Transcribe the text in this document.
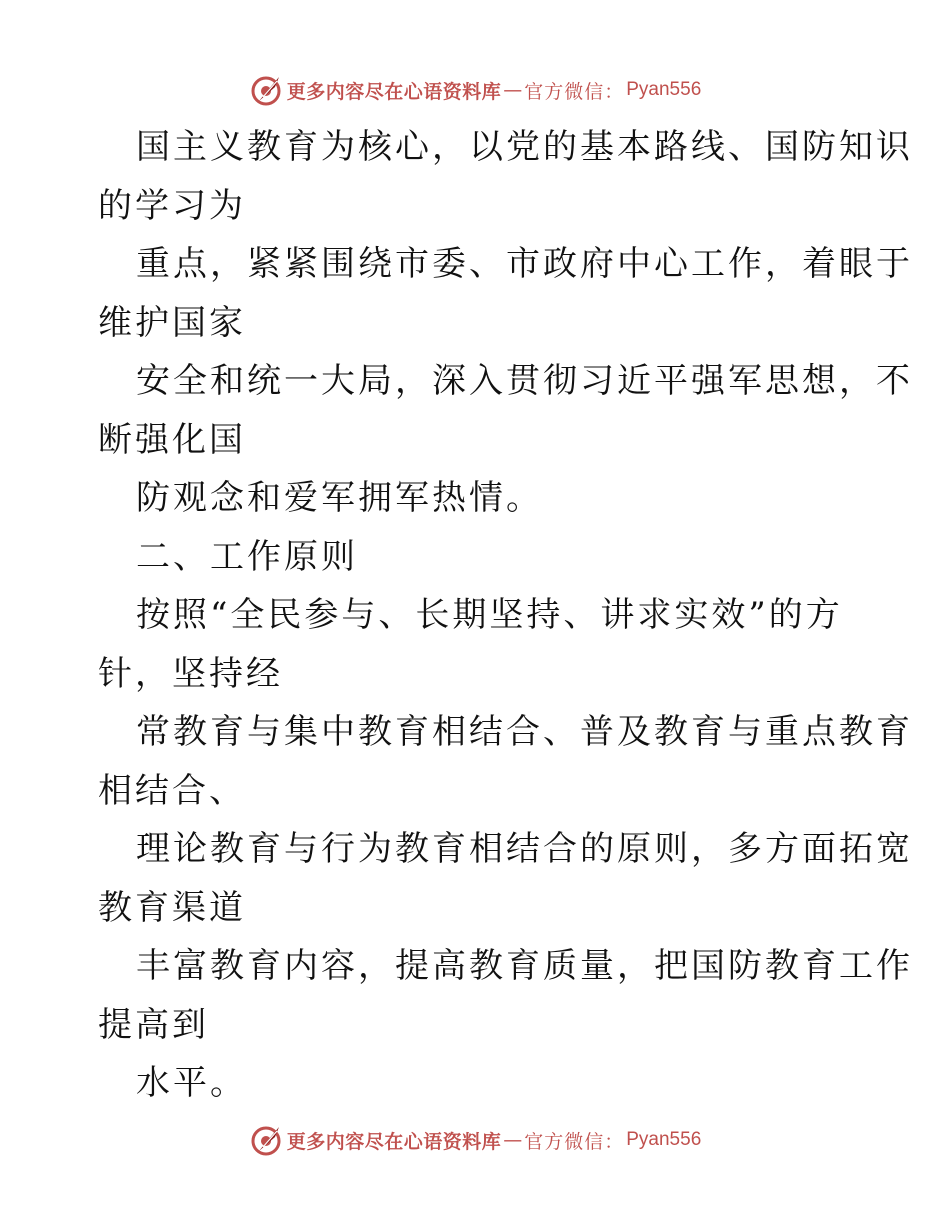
更多内容尽在心语资料库 — 官方微信： Pyan556
国主义教育为核心，以党的基本路线、国防知识
的学习为
重点，紧紧围绕市委、市政府中心工作，着眼于
维护国家
安全和统一大局，深入贯彻习近平强军思想，不
断强化国
防观念和爱军拥军热情。
二、工作原则
按照“全民参与、长期坚持、讲求实效”的方
针，坚持经
常教育与集中教育相结合、普及教育与重点教育
相结合、
理论教育与行为教育相结合的原则，多方面拓宽
教育渠道
丰富教育内容，提高教育质量，把国防教育工作
提高到
水平。
更多内容尽在心语资料库 — 官方微信： Pyan556
